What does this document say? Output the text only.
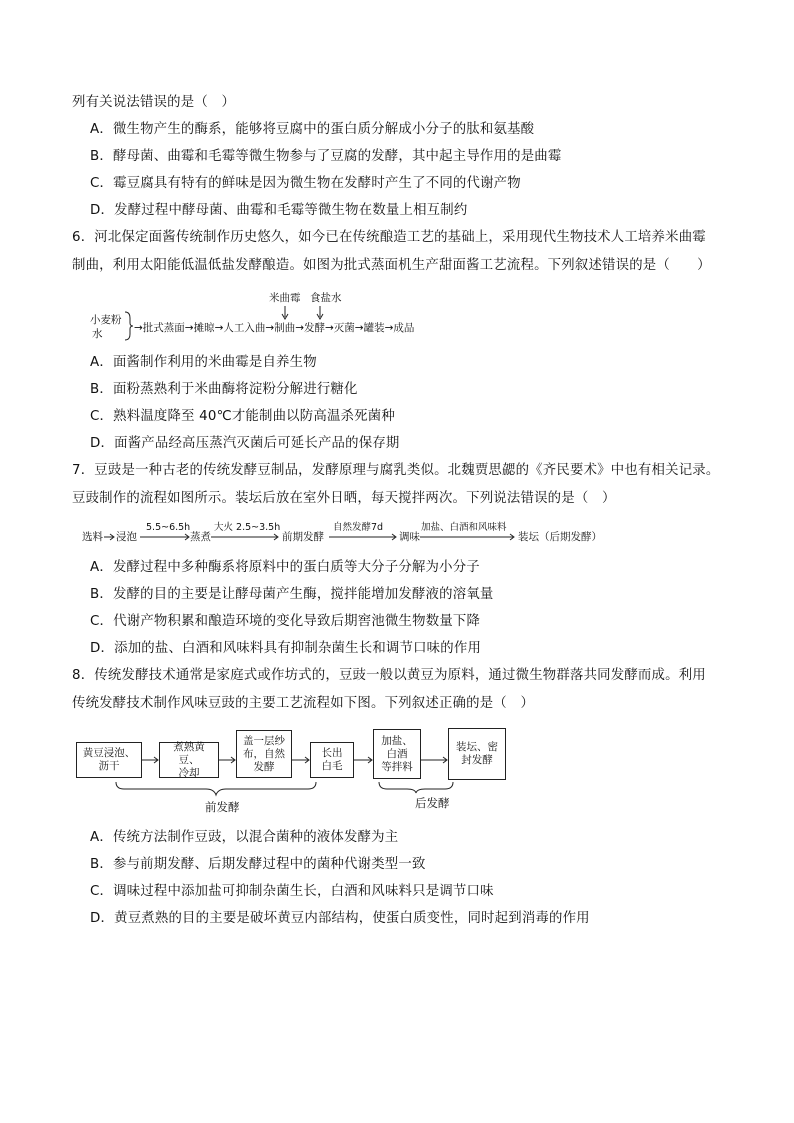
列有关说法错误的是（　）
A．微生物产生的酶系，能够将豆腐中的蛋白质分解成小分子的肽和氨基酸
B．酵母菌、曲霉和毛霉等微生物参与了豆腐的发酵，其中起主导作用的是曲霉
C．霉豆腐具有特有的鲜味是因为微生物在发酵时产生了不同的代谢产物
D．发酵过程中酵母菌、曲霉和毛霉等微生物在数量上相互制约
6．河北保定面酱传统制作历史悠久，如今已在传统酿造工艺的基础上，采用现代生物技术人工培养米曲霉
制曲，利用太阳能低温低盐发酵酿造。如图为批式蒸面机生产甜面酱工艺流程。下列叙述错误的是（　　）
小麦粉
水	→批式蒸面→摊晾→人工入曲→制曲→发酵→灭菌→罐装→成品
米曲霉 食盐水
A．面酱制作利用的米曲霉是自养生物
B．面粉蒸熟利于米曲酶将淀粉分解进行糖化
C．熟料温度降至 40℃才能制曲以防高温杀死菌种
D．面酱产品经高压蒸汽灭菌后可延长产品的保存期
7．豆豉是一种古老的传统发酵豆制品，发酵原理与腐乳类似。北魏贾思勰的《齐民要术》中也有相关记录。
豆豉制作的流程如图所示。装坛后放在室外日晒，每天搅拌两次。下列说法错误的是（　）
选料 浸泡
5.5~6.5h
蒸煮
大火 2.5~3.5h
前期发酵
自然发酵7d
调味
加盐、白酒和风味料
装坛（后期发酵）
A．发酵过程中多种酶系将原料中的蛋白质等大分子分解为小分子
B．发酵的目的主要是让酵母菌产生酶，搅拌能增加发酵液的溶氧量
C．代谢产物积累和酿造环境的变化导致后期窖池微生物数量下降
D．添加的盐、白酒和风味料具有抑制杂菌生长和调节口味的作用
8．传统发酵技术通常是家庭式或作坊式的，豆豉一般以黄豆为原料，通过微生物群落共同发酵而成。利用
传统发酵技术制作风味豆豉的主要工艺流程如下图。下列叙述正确的是（　）
黄豆浸泡、
沥干
煮熟黄豆、
冷却
盖一层纱
布，自然
发酵
长出
白毛
加盐、
白酒
等拌料
装坛、密
封发酵
前发酵	后发酵
A．传统方法制作豆豉，以混合菌种的液体发酵为主
B．参与前期发酵、后期发酵过程中的菌种代谢类型一致
C．调味过程中添加盐可抑制杂菌生长，白酒和风味料只是调节口味
D．黄豆煮熟的目的主要是破坏黄豆内部结构，使蛋白质变性，同时起到消毒的作用
